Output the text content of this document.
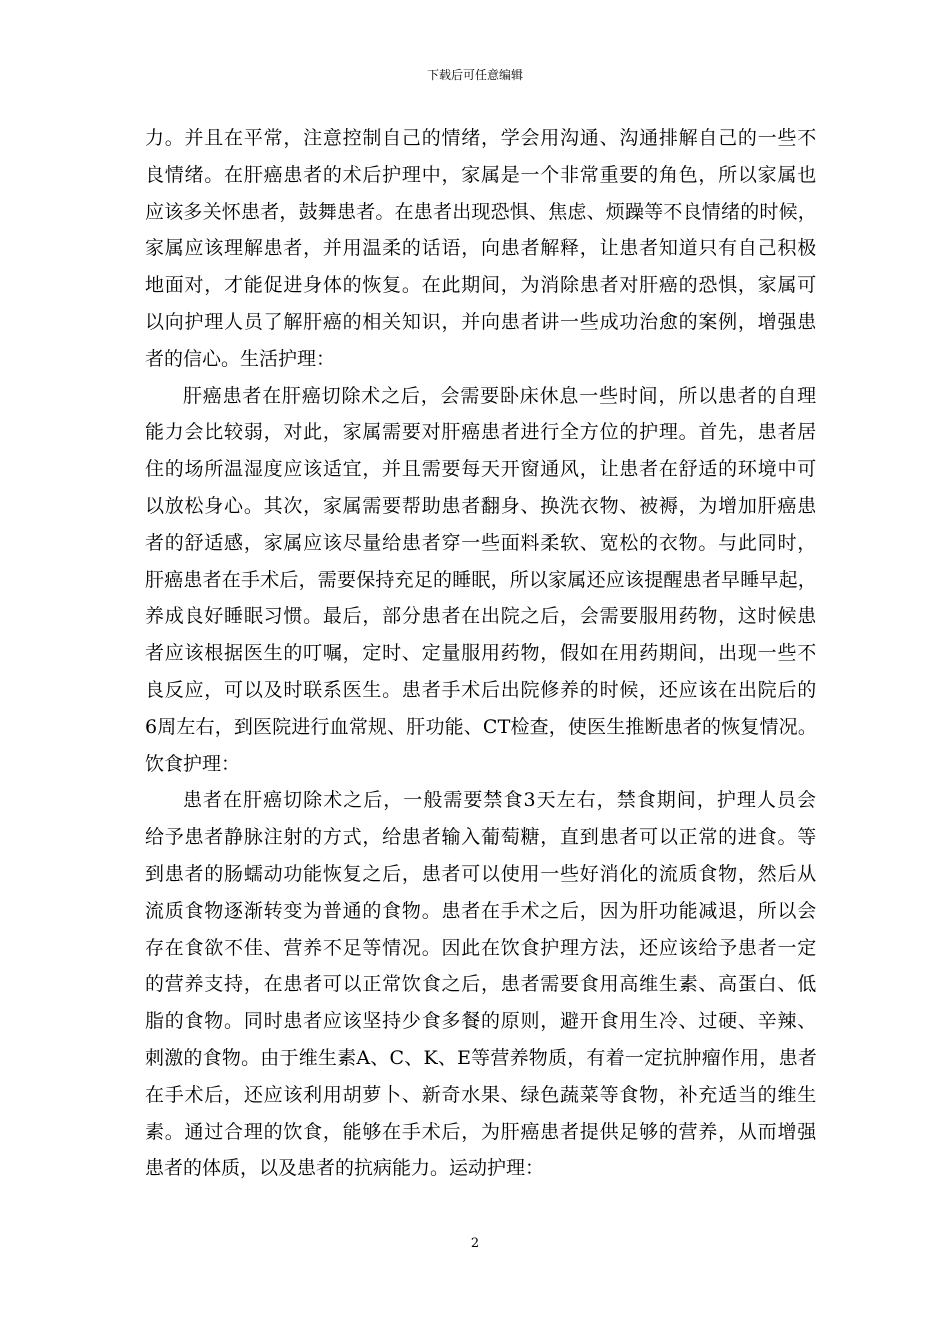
下载后可任意编辑

力。并且在平常，注意控制自己的情绪，学会用沟通、沟通排解自己的一些不
良情绪。在肝癌患者的术后护理中，家属是一个非常重要的角色，所以家属也
应该多关怀患者，鼓舞患者。在患者出现恐惧、焦虑、烦躁等不良情绪的时候，
家属应该理解患者，并用温柔的话语，向患者解释，让患者知道只有自己积极
地面对，才能促进身体的恢复。在此期间，为消除患者对肝癌的恐惧，家属可
以向护理人员了解肝癌的相关知识，并向患者讲一些成功治愈的案例，增强患
者的信心。生活护理：

肝癌患者在肝癌切除术之后，会需要卧床休息一些时间，所以患者的自理
能力会比较弱，对此，家属需要对肝癌患者进行全方位的护理。首先，患者居
住的场所温湿度应该适宜，并且需要每天开窗通风，让患者在舒适的环境中可
以放松身心。其次，家属需要帮助患者翻身、换洗衣物、被褥，为增加肝癌患
者的舒适感，家属应该尽量给患者穿一些面料柔软、宽松的衣物。与此同时，
肝癌患者在手术后，需要保持充足的睡眠，所以家属还应该提醒患者早睡早起，
养成良好睡眠习惯。最后，部分患者在出院之后，会需要服用药物，这时候患
者应该根据医生的叮嘱，定时、定量服用药物，假如在用药期间，出现一些不
良反应，可以及时联系医生。患者手术后出院修养的时候，还应该在出院后的
6周左右，到医院进行血常规、肝功能、CT检查，使医生推断患者的恢复情况。
饮食护理：

患者在肝癌切除术之后，一般需要禁食3天左右，禁食期间，护理人员会
给予患者静脉注射的方式，给患者输入葡萄糖，直到患者可以正常的进食。等
到患者的肠蠕动功能恢复之后，患者可以使用一些好消化的流质食物，然后从
流质食物逐渐转变为普通的食物。患者在手术之后，因为肝功能减退，所以会
存在食欲不佳、营养不足等情况。因此在饮食护理方法，还应该给予患者一定
的营养支持，在患者可以正常饮食之后，患者需要食用高维生素、高蛋白、低
脂的食物。同时患者应该坚持少食多餐的原则，避开食用生冷、过硬、辛辣、
刺激的食物。由于维生素A、C、K、E等营养物质，有着一定抗肿瘤作用，患者
在手术后，还应该利用胡萝卜、新奇水果、绿色蔬菜等食物，补充适当的维生
素。通过合理的饮食，能够在手术后，为肝癌患者提供足够的营养，从而增强
患者的体质，以及患者的抗病能力。运动护理：

2
